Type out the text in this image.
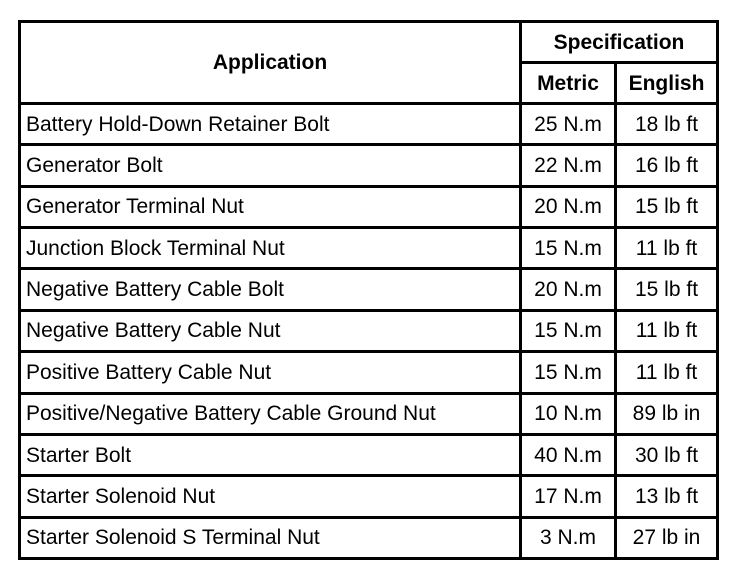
Application	Specification	
	Metric	English
Battery Hold-Down Retainer Bolt	25 N.m	18 lb ft
Generator Bolt	22 N.m	16 lb ft
Generator Terminal Nut	20 N.m	15 lb ft
Junction Block Terminal Nut	15 N.m	11 lb ft
Negative Battery Cable Bolt	20 N.m	15 lb ft
Negative Battery Cable Nut	15 N.m	11 lb ft
Positive Battery Cable Nut	15 N.m	11 lb ft
Positive/Negative Battery Cable Ground Nut	10 N.m	89 lb in
Starter Bolt	40 N.m	30 lb ft
Starter Solenoid Nut	17 N.m	13 lb ft
Starter Solenoid S Terminal Nut	3 N.m	27 lb in
